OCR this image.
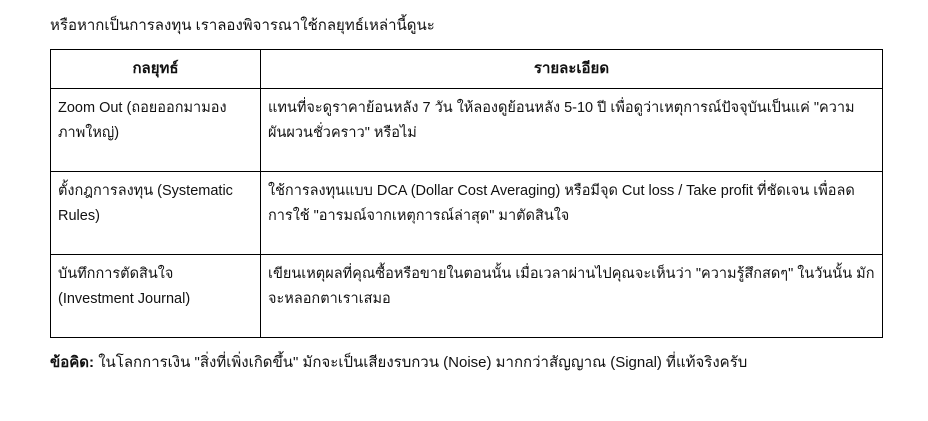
หรือหากเป็นการลงทุน เราลองพิจารณาใช้กลยุทธ์เหล่านี้ดูนะ
กลยุทธ์	รายละเอียด
Zoom Out (ถอยออกมามองภาพใหญ่)	แทนที่จะดูราคาย้อนหลัง 7 วัน ให้ลองดูย้อนหลัง 5-10 ปี เพื่อดูว่าเหตุการณ์ปัจจุบันเป็นแค่ "ความผันผวนชั่วคราว" หรือไม่
ตั้งกฎการลงทุน (Systematic Rules)	ใช้การลงทุนแบบ DCA (Dollar Cost Averaging) หรือมีจุด Cut loss / Take profit ที่ชัดเจน เพื่อลดการใช้ "อารมณ์จากเหตุการณ์ล่าสุด" มาตัดสินใจ
บันทึกการตัดสินใจ (Investment Journal)	เขียนเหตุผลที่คุณซื้อหรือขายในตอนนั้น เมื่อเวลาผ่านไปคุณจะเห็นว่า "ความรู้สึกสดๆ" ในวันนั้น มักจะหลอกตาเราเสมอ
ข้อคิด: ในโลกการเงิน "สิ่งที่เพิ่งเกิดขึ้น" มักจะเป็นเสียงรบกวน (Noise) มากกว่าสัญญาณ (Signal) ที่แท้จริงครับ
